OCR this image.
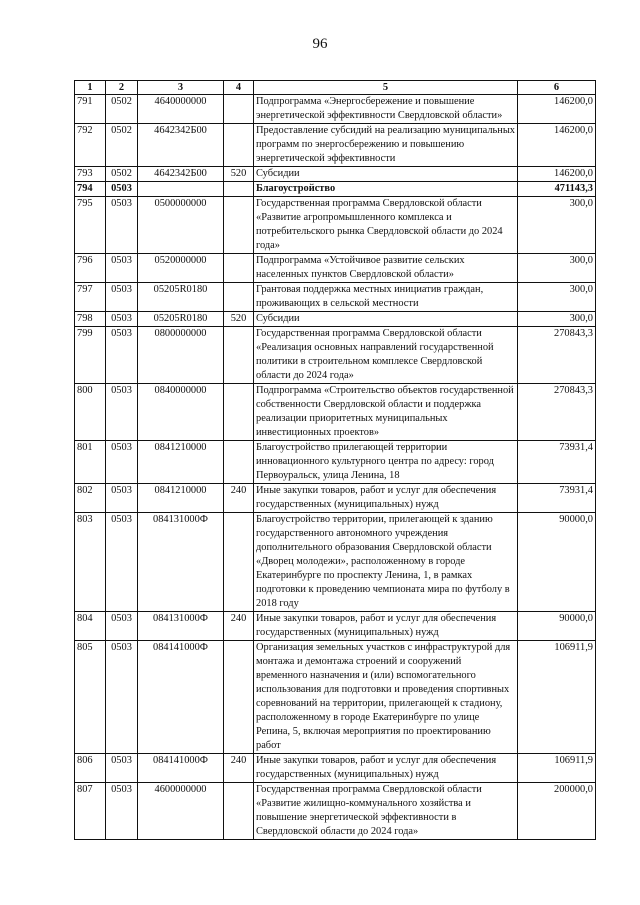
96
1	2	3	4	5	6
791	0502	4640000000		Подпрограмма «Энергосбережение и повышение энергетической эффективности Свердловской области»	146200,0
792	0502	4642342Б00		Предоставление субсидий на реализацию муниципальных программ по энергосбережению и повышению энергетической эффективности	146200,0
793	0502	4642342Б00	520	Субсидии	146200,0
794	0503			Благоустройство	471143,3
795	0503	0500000000		Государственная программа Свердловской области «Развитие агропромышленного комплекса и потребительского рынка Свердловской области до 2024 года»	300,0
796	0503	0520000000		Подпрограмма «Устойчивое развитие сельских населенных пунктов Свердловской области»	300,0
797	0503	05205R0180		Грантовая поддержка местных инициатив граждан, проживающих в сельской местности	300,0
798	0503	05205R0180	520	Субсидии	300,0
799	0503	0800000000		Государственная программа Свердловской области «Реализация основных направлений государственной политики в строительном комплексе Свердловской области до 2024 года»	270843,3
800	0503	0840000000		Подпрограмма «Строительство объектов государственной собственности Свердловской области и поддержка реализации приоритетных муниципальных инвестиционных проектов»	270843,3
801	0503	0841210000		Благоустройство прилегающей территории инновационного культурного центра по адресу: город Первоуральск, улица Ленина, 18	73931,4
802	0503	0841210000	240	Иные закупки товаров, работ и услуг для обеспечения государственных (муниципальных) нужд	73931,4
803	0503	084131000Ф		Благоустройство территории, прилегающей к зданию государственного автономного учреждения дополнительного образования Свердловской области «Дворец молодежи», расположенному в городе Екатеринбурге по проспекту Ленина, 1, в рамках подготовки к проведению чемпионата мира по футболу в 2018 году	90000,0
804	0503	084131000Ф	240	Иные закупки товаров, работ и услуг для обеспечения государственных (муниципальных) нужд	90000,0
805	0503	084141000Ф		Организация земельных участков с инфраструктурой для монтажа и демонтажа строений и сооружений временного назначения и (или) вспомогательного использования для подготовки и проведения спортивных соревнований на территории, прилегающей к стадиону, расположенному в городе Екатеринбурге по улице Репина, 5, включая мероприятия по проектированию работ	106911,9
806	0503	084141000Ф	240	Иные закупки товаров, работ и услуг для обеспечения государственных (муниципальных) нужд	106911,9
807	0503	4600000000		Государственная программа Свердловской области «Развитие жилищно-коммунального хозяйства и повышение энергетической эффективности в Свердловской области до 2024 года»	200000,0
